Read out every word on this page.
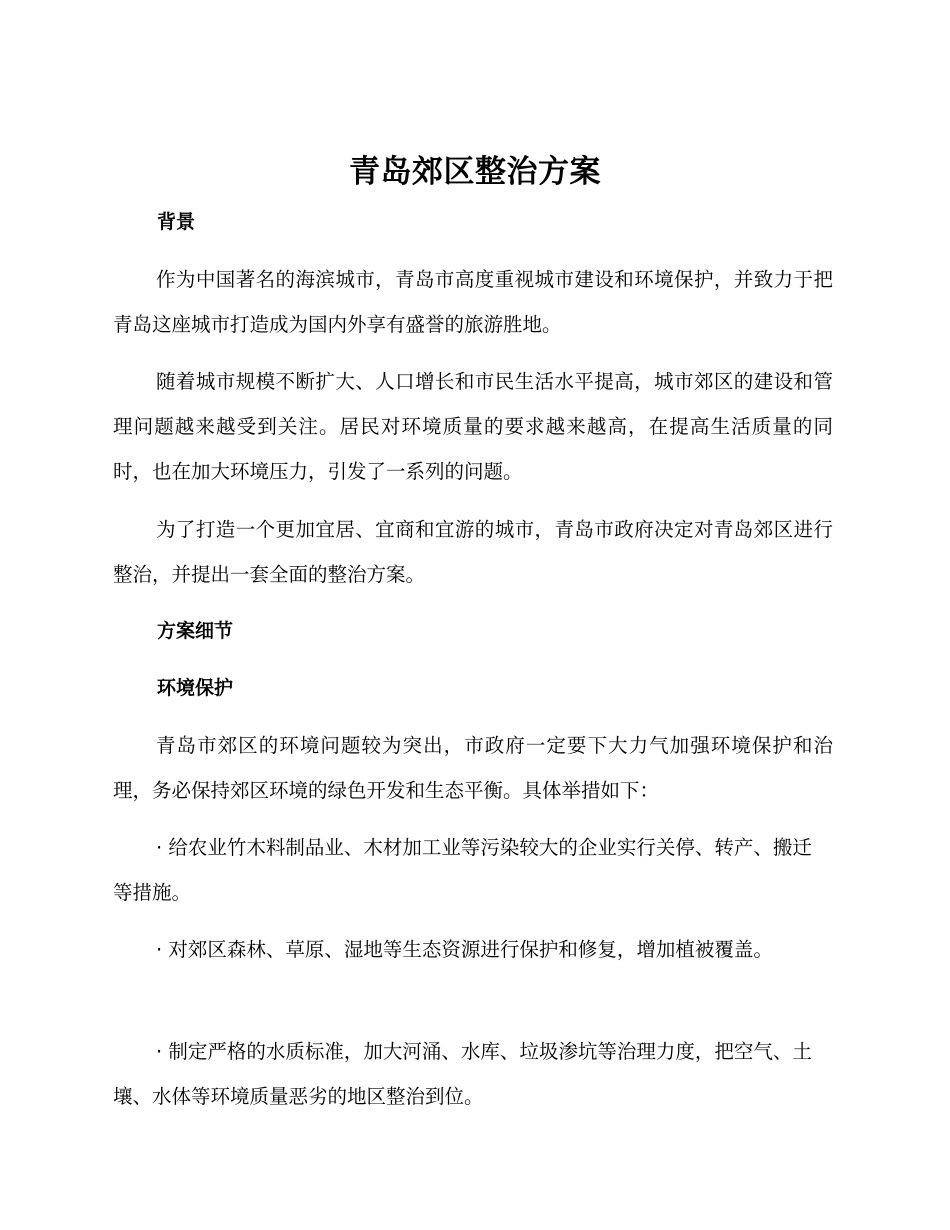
青岛郊区整治方案
背景

作为中国著名的海滨城市，青岛市高度重视城市建设和环境保护，并致力于把青岛这座城市打造成为国内外享有盛誉的旅游胜地。

随着城市规模不断扩大、人口增长和市民生活水平提高，城市郊区的建设和管理问题越来越受到关注。居民对环境质量的要求越来越高，在提高生活质量的同时，也在加大环境压力，引发了一系列的问题。

为了打造一个更加宜居、宜商和宜游的城市，青岛市政府决定对青岛郊区进行整治，并提出一套全面的整治方案。

方案细节
环境保护

青岛市郊区的环境问题较为突出，市政府一定要下大力气加强环境保护和治理，务必保持郊区环境的绿色开发和生态平衡。具体举措如下：

· 给农业竹木料制品业、木材加工业等污染较大的企业实行关停、转产、搬迁等措施。

· 对郊区森林、草原、湿地等生态资源进行保护和修复，增加植被覆盖。

· 制定严格的水质标准，加大河涌、水库、垃圾渗坑等治理力度，把空气、土壤、水体等环境质量恶劣的地区整治到位。
